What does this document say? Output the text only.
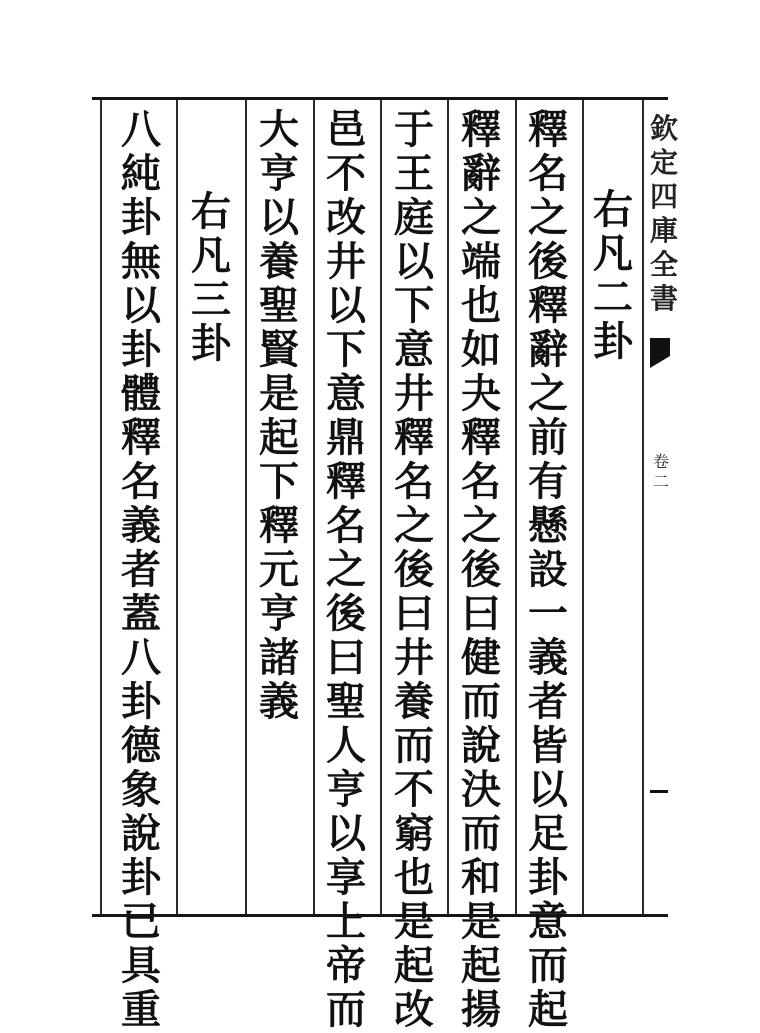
右
凡
二
卦
釋
名
之
後
釋
辭
之
前
有
懸
設
一
義
者
皆
以
足
卦
意
而
起
釋
辭
之
端
也
如
夬
釋
名
之
後
曰
健
而
說
決
而
和
是
起
揚
于
王
庭
以
下
意
井
釋
名
之
後
曰
井
養
而
不
窮
也
是
起
改
邑
不
改
井
以
下
意
鼎
釋
名
之
後
曰
聖
人
亨
以
享
上
帝
而
大
亨
以
養
聖
賢
是
起
下
釋
元
亨
諸
義
右
凡
三
卦
八
純
卦
無
以
卦
體
釋
名
義
者
蓋
八
卦
德
象
說
卦
已
具
重
欽
定
四
庫
全
書
卷
二
